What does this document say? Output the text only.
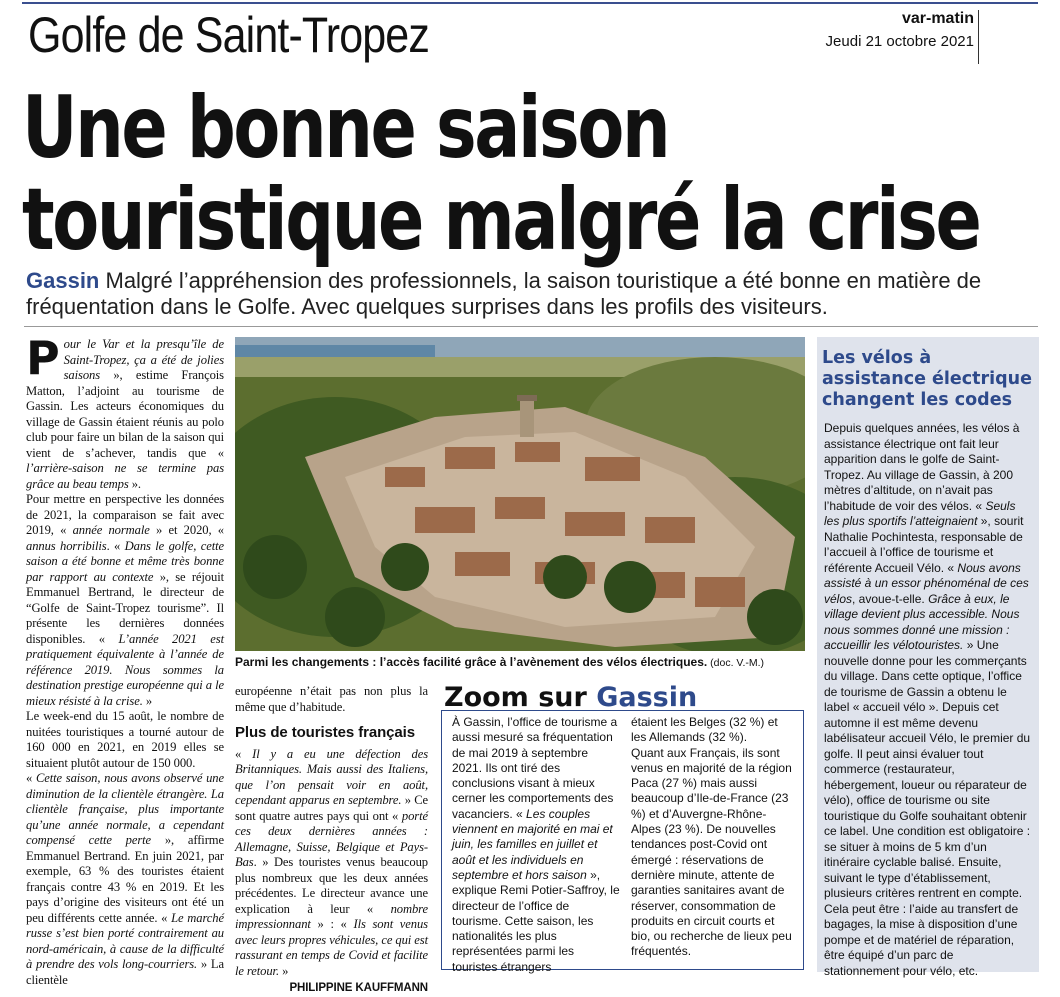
Golfe de Saint-Tropez	var-matin
Jeudi 21 octobre 2021
Une bonne saison
touristique malgré la crise
Gassin Malgré l’appréhension des professionnels, la saison touristique a été bonne en matière de fréquentation dans le Golfe. Avec quelques surprises dans les profils des visiteurs.

Pour le Var et la presqu’île de Saint-Tropez, ça a été de jolies saisons », estime François Matton, l’adjoint au tourisme de Gassin. Les acteurs économiques du village de Gassin étaient réunis au polo club pour faire un bilan de la saison qui vient de s’achever, tandis que « l’arrière-saison ne se termine pas grâce au beau temps ».

Pour mettre en perspective les données de 2021, la comparaison se fait avec 2019, « année normale » et 2020, « annus horribilis. « Dans le golfe, cette saison a été bonne et même très bonne par rapport au contexte », se réjouit Emmanuel Bertrand, le directeur de “Golfe de Saint-Tropez tourisme”. Il présente les dernières données disponibles. « L’année 2021 est pratiquement équivalente à l’année de référence 2019. Nous sommes la destination prestige européenne qui a le mieux résisté à la crise. »

Le week-end du 15 août, le nombre de nuitées touristiques a tourné autour de 160 000 en 2021, en 2019 elles se situaient plutôt autour de 150 000.

« Cette saison, nous avons observé une diminution de la clientèle étrangère. La clientèle française, plus importante qu’une année normale, a cependant compensé cette perte », affirme Emmanuel Bertrand. En juin 2021, par exemple, 63 % des touristes étaient français contre 43 % en 2019. Et les pays d’origine des visiteurs ont été un peu différents cette année. « Le marché russe s’est bien porté contrairement au nord-américain, à cause de la difficulté à prendre des vols long-courriers. » La clientèle

Parmi les changements : l’accès facilité grâce à l’avènement des vélos électriques. (doc. V.-M.)

européenne n’était pas non plus la même que d’habitude.

Plus de touristes français

« Il y a eu une défection des Britanniques. Mais aussi des Italiens, que l’on pensait voir en août, cependant apparus en septembre. » Ce sont quatre autres pays qui ont « porté ces deux dernières années : Allemagne, Suisse, Belgique et Pays-Bas. » Des touristes venus beaucoup plus nombreux que les deux années précédentes. Le directeur avance une explication à leur « nombre impressionnant » : « Ils sont venus avec leurs propres véhicules, ce qui est rassurant en temps de Covid et facilite le retour. »

PHILIPPINE KAUFFMANN
Zoom sur Gassin

À Gassin, l’office de tourisme a aussi mesuré sa fréquentation de mai 2019 à septembre 2021. Ils ont tiré des conclusions visant à mieux cerner les comportements des vacanciers. « Les couples viennent en majorité en mai et juin, les familles en juillet et août et les individuels en septembre et hors saison », explique Remi Potier-Saffroy, le directeur de l’office de tourisme. Cette saison, les nationalités les plus représentées parmi les touristes étrangers

étaient les Belges (32 %) et les Allemands (32 %).

Quant aux Français, ils sont venus en majorité de la région Paca (27 %) mais aussi beaucoup d’Ile-de-France (23 %) et d’Auvergne-Rhône-Alpes (23 %). De nouvelles tendances post-Covid ont émergé : réservations de dernière minute, attente de garanties sanitaires avant de réserver, consommation de produits en circuit courts et bio, ou recherche de lieux peu fréquentés.

Les vélos à assistance électrique changent les codes

Depuis quelques années, les vélos à assistance électrique ont fait leur apparition dans le golfe de Saint-Tropez. Au village de Gassin, à 200 mètres d’altitude, on n’avait pas l’habitude de voir des vélos. « Seuls les plus sportifs l’atteignaient », sourit Nathalie Pochintesta, responsable de l’accueil à l’office de tourisme et référente Accueil Vélo. « Nous avons assisté à un essor phénoménal de ces vélos, avoue-t-elle. Grâce à eux, le village devient plus accessible. Nous nous sommes donné une mission : accueillir les vélotouristes. » Une nouvelle donne pour les commerçants du village. Dans cette optique, l’office de tourisme de Gassin a obtenu le label « accueil vélo ». Depuis cet automne il est même devenu labélisateur accueil Vélo, le premier du golfe. Il peut ainsi évaluer tout commerce (restaurateur, hébergement, loueur ou réparateur de vélo), office de tourisme ou site touristique du Golfe souhaitant obtenir ce label. Une condition est obligatoire : se situer à moins de 5 km d’un itinéraire cyclable balisé. Ensuite, suivant le type d’établissement, plusieurs critères rentrent en compte. Cela peut être : l’aide au transfert de bagages, la mise à disposition d’une pompe et de matériel de réparation, être équipé d’un parc de stationnement pour vélo, etc.
